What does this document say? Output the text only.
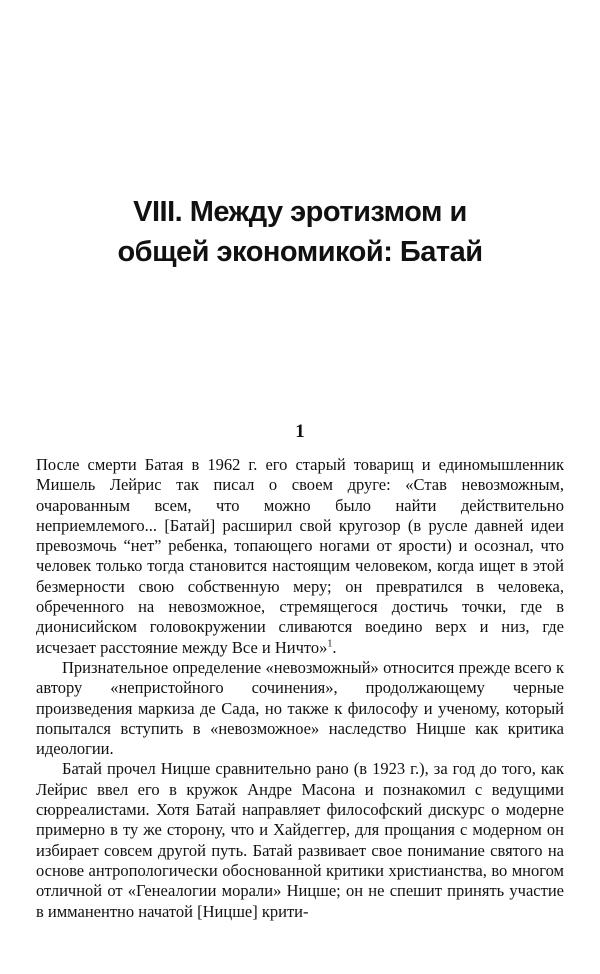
VIII. Между эротизмом и
общей экономикой: Батай
1

После смерти Батая в 1962 г. его старый товарищ и единомышленник Мишель Лейрис так писал о своем друге: «Став невозможным, очарованным всем, что можно было найти действительно неприемлемого... [Батай] расширил свой кругозор (в русле давней идеи превозмочь “нет” ребенка, топающего ногами от ярости) и осознал, что человек только тогда становится настоящим человеком, когда ищет в этой безмерности свою собственную меру; он превратился в человека, обреченного на невозможное, стремящегося достичь точки, где в дионисийском головокружении сливаются воедино верх и низ, где исчезает расстояние между Все и Ничто»$^1$.

Признательное определение «невозможный» относится прежде всего к автору «непристойного сочинения», продолжающему черные произведения маркиза де Сада, но также к философу и ученому, который попытался вступить в «невозможное» наследство Ницше как критика идеологии.

Батай прочел Ницше сравнительно рано (в 1923 г.), за год до того, как Лейрис ввел его в кружок Андре Масона и познакомил с ведущими сюрреалистами. Хотя Батай направляет философский дискурс о модерне примерно в ту же сторону, что и Хайдеггер, для прощания с модерном он избирает совсем другой путь. Батай развивает свое понимание святого на основе антропологически обоснованной критики христианства, во многом отличной от «Генеалогии морали» Ницше; он не спешит принять участие в имманентно начатой [Ницше] крити-
